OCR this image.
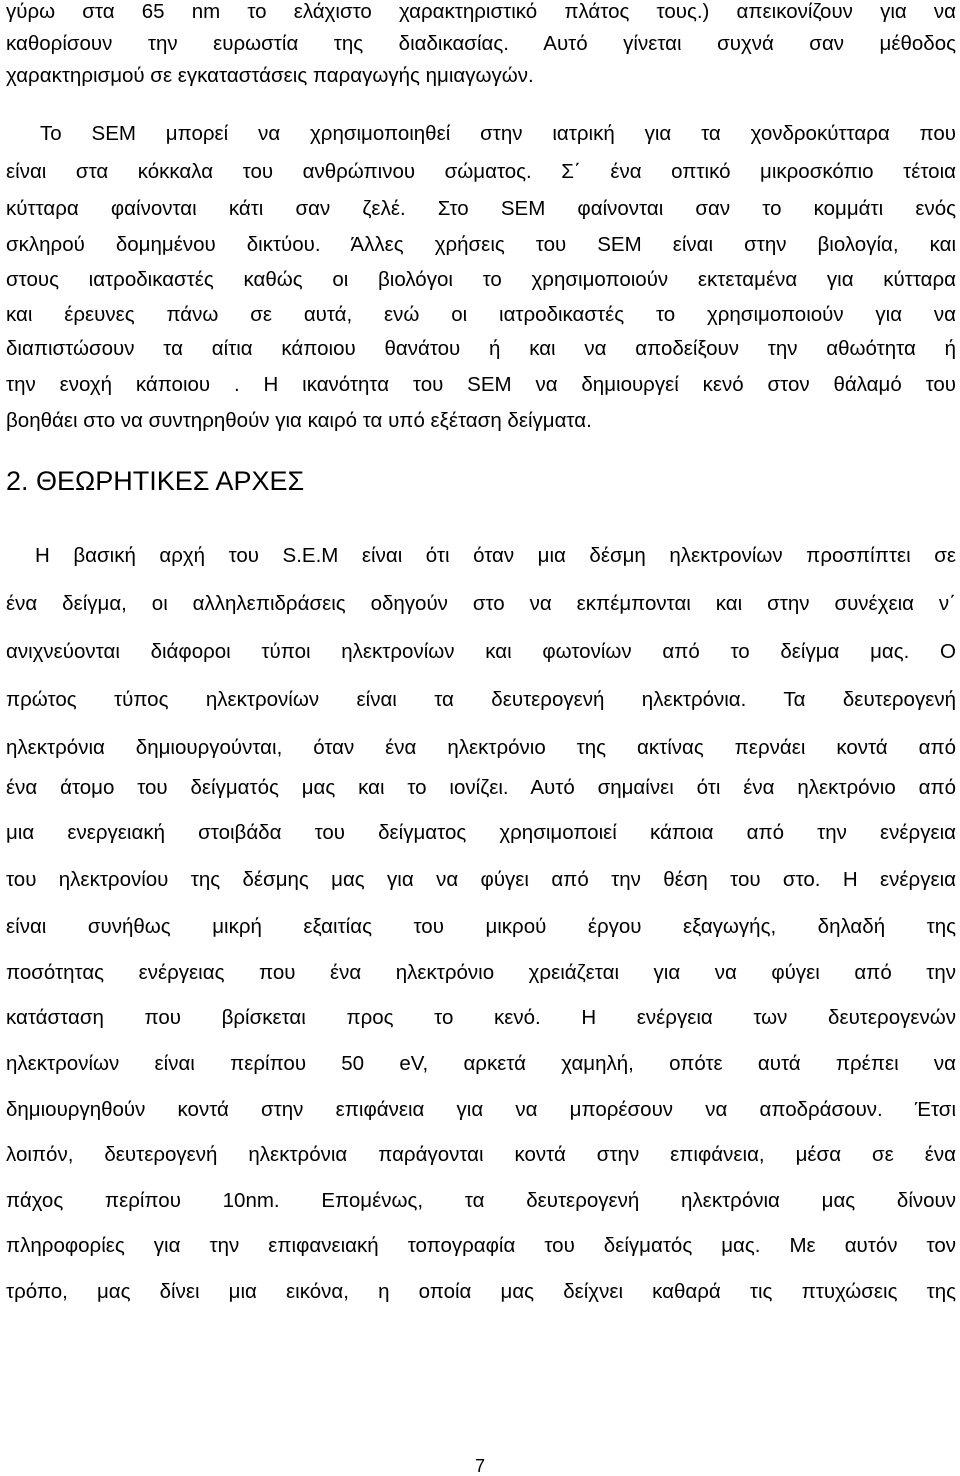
γύρω στα 65 nm το ελάχιστο χαρακτηριστικό πλάτος τους.) απεικονίζουν για να
καθορίσουν την ευρωστία της διαδικασίας. Αυτό γίνεται συχνά σαν μέθοδος
χαρακτηρισμού σε εγκαταστάσεις παραγωγής ημιαγωγών.
Το SEM μπορεί να χρησιμοποιηθεί στην ιατρική για τα χονδροκύτταρα που
είναι στα κόκκαλα του ανθρώπινου σώματος. Σ΄ ένα οπτικό μικροσκόπιο τέτοια
κύτταρα φαίνονται κάτι σαν ζελέ. Στο SEM φαίνονται σαν το κομμάτι ενός
σκληρού δομημένου δικτύου. Άλλες χρήσεις του SEM είναι στην βιολογία, και
στους ιατροδικαστές καθώς οι βιολόγοι το χρησιμοποιούν εκτεταμένα για κύτταρα
και έρευνες πάνω σε αυτά, ενώ οι ιατροδικαστές το χρησιμοποιούν για να
διαπιστώσουν τα αίτια κάποιου θανάτου ή και να αποδείξουν την αθωότητα ή
την ενοχή κάποιου . Η ικανότητα του SEM να δημιουργεί κενό στον θάλαμό του
βοηθάει στο να συντηρηθούν για καιρό τα υπό εξέταση δείγματα.
2. ΘΕΩΡΗΤΙΚΕΣ ΑΡΧΕΣ
Η βασική αρχή του S.E.M είναι ότι όταν μια δέσμη ηλεκτρονίων προσπίπτει σε
ένα δείγμα, οι αλληλεπιδράσεις οδηγούν στο να εκπέμπονται και στην συνέχεια ν΄
ανιχνεύονται διάφοροι τύποι ηλεκτρονίων και φωτονίων από το δείγμα μας. Ο
πρώτος τύπος ηλεκτρονίων είναι τα δευτερογενή ηλεκτρόνια. Τα δευτερογενή
ηλεκτρόνια δημιουργούνται, όταν ένα ηλεκτρόνιο της ακτίνας περνάει κοντά από
ένα άτομο του δείγματός μας και το ιονίζει. Αυτό σημαίνει ότι ένα ηλεκτρόνιο από
μια ενεργειακή στοιβάδα του δείγματος χρησιμοποιεί κάποια από την ενέργεια
του ηλεκτρονίου της δέσμης μας για να φύγει από την θέση του στο. Η ενέργεια
είναι συνήθως μικρή εξαιτίας του μικρού έργου εξαγωγής, δηλαδή της
ποσότητας ενέργειας που ένα ηλεκτρόνιο χρειάζεται για να φύγει από την
κατάσταση που βρίσκεται προς το κενό. Η ενέργεια των δευτερογενών
ηλεκτρονίων είναι περίπου 50 eV, αρκετά χαμηλή, οπότε αυτά πρέπει να
δημιουργηθούν κοντά στην επιφάνεια για να μπορέσουν να αποδράσουν. Έτσι
λοιπόν, δευτερογενή ηλεκτρόνια παράγονται κοντά στην επιφάνεια, μέσα σε ένα
πάχος περίπου 10nm. Επομένως, τα δευτερογενή ηλεκτρόνια μας δίνουν
πληροφορίες για την επιφανειακή τοπογραφία του δείγματός μας. Με αυτόν τον
τρόπο, μας δίνει μια εικόνα, η οποία μας δείχνει καθαρά τις πτυχώσεις της
7
